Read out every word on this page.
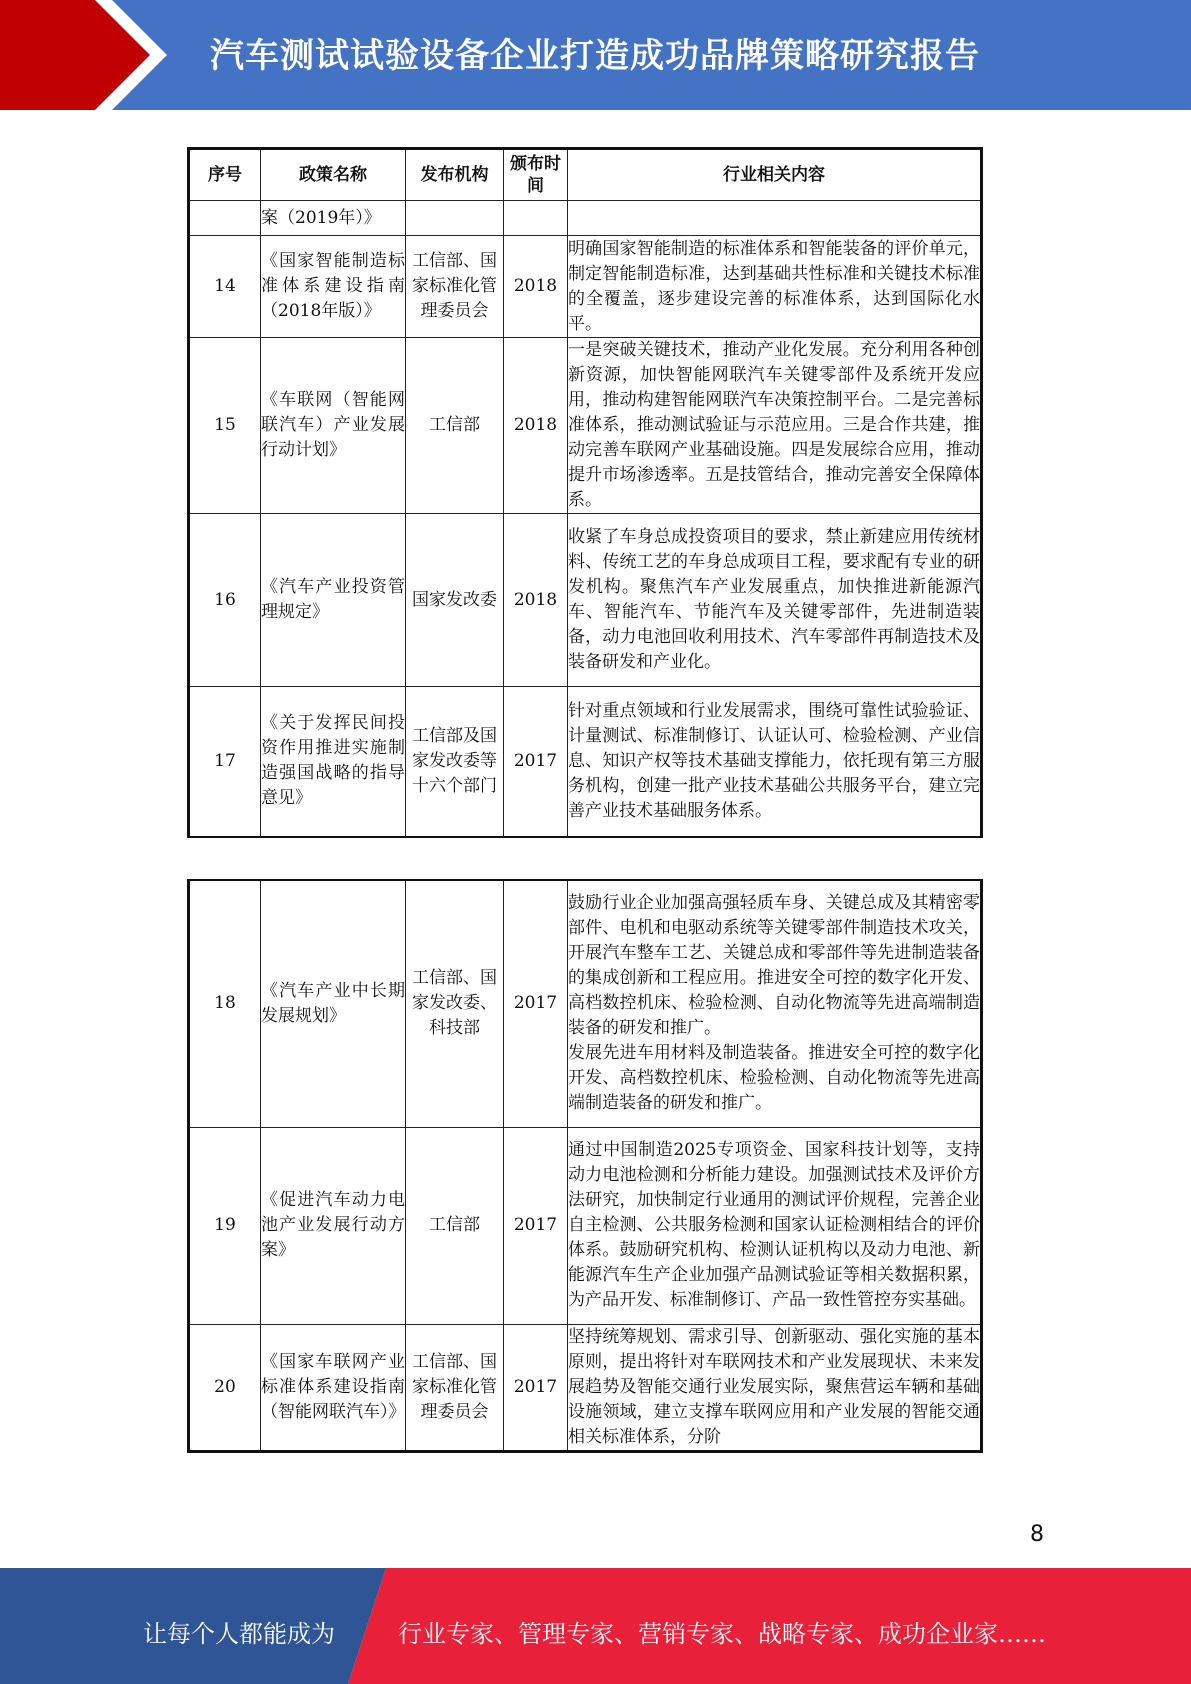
汽车测试试验设备企业打造成功品牌策略研究报告
序号	政策名称	发布机构	颁布时间	行业相关内容
	案（2019年）》			
14	《国家智能制造标准体系建设指南（2018年版）》	工信部、国家标准化管理委员会	2018	明确国家智能制造的标准体系和智能装备的评价单元，制定智能制造标准，达到基础共性标准和关键技术标准的全覆盖，逐步建设完善的标准体系，达到国际化水平。
15	《车联网（智能网联汽车）产业发展行动计划》	工信部	2018	一是突破关键技术，推动产业化发展。充分利用各种创新资源，加快智能网联汽车关键零部件及系统开发应用，推动构建智能网联汽车决策控制平台。二是完善标准体系，推动测试验证与示范应用。三是合作共建，推动完善车联网产业基础设施。四是发展综合应用，推动提升市场渗透率。五是技管结合，推动完善安全保障体系。
16	《汽车产业投资管理规定》	国家发改委	2018	收紧了车身总成投资项目的要求，禁止新建应用传统材料、传统工艺的车身总成项目工程，要求配有专业的研发机构。聚焦汽车产业发展重点，加快推进新能源汽车、智能汽车、节能汽车及关键零部件，先进制造装备，动力电池回收利用技术、汽车零部件再制造技术及装备研发和产业化。
17	《关于发挥民间投资作用推进实施制造强国战略的指导意见》	工信部及国家发改委等十六个部门	2017	针对重点领域和行业发展需求，围绕可靠性试验验证、计量测试、标准制修订、认证认可、检验检测、产业信息、知识产权等技术基础支撑能力，依托现有第三方服务机构，创建一批产业技术基础公共服务平台，建立完善产业技术基础服务体系。
18	《汽车产业中长期发展规划》	工信部、国家发改委、科技部	2017	鼓励行业企业加强高强轻质车身、关键总成及其精密零部件、电机和电驱动系统等关键零部件制造技术攻关，开展汽车整车工艺、关键总成和零部件等先进制造装备的集成创新和工程应用。推进安全可控的数字化开发、高档数控机床、检验检测、自动化物流等先进高端制造装备的研发和推广。
发展先进车用材料及制造装备。推进安全可控的数字化开发、高档数控机床、检验检测、自动化物流等先进高端制造装备的研发和推广。

19	《促进汽车动力电池产业发展行动方案》	工信部	2017	通过中国制造2025专项资金、国家科技计划等，支持动力电池检测和分析能力建设。加强测试技术及评价方法研究，加快制定行业通用的测试评价规程，完善企业自主检测、公共服务检测和国家认证检测相结合的评价体系。鼓励研究机构、检测认证机构以及动力电池、新能源汽车生产企业加强产品测试验证等相关数据积累，为产品开发、标准制修订、产品一致性管控夯实基础。
20	《国家车联网产业标准体系建设指南（智能网联汽车）》	工信部、国家标准化管理委员会	2017	坚持统筹规划、需求引导、创新驱动、强化实施的基本原则，提出将针对车联网技术和产业发展现状、未来发展趋势及智能交通行业发展实际，聚焦营运车辆和基础设施领域，建立支撑车联网应用和产业发展的智能交通相关标准体系，分阶
8
让每个人都能成为	行业专家、管理专家、营销专家、战略专家、成功企业家……
